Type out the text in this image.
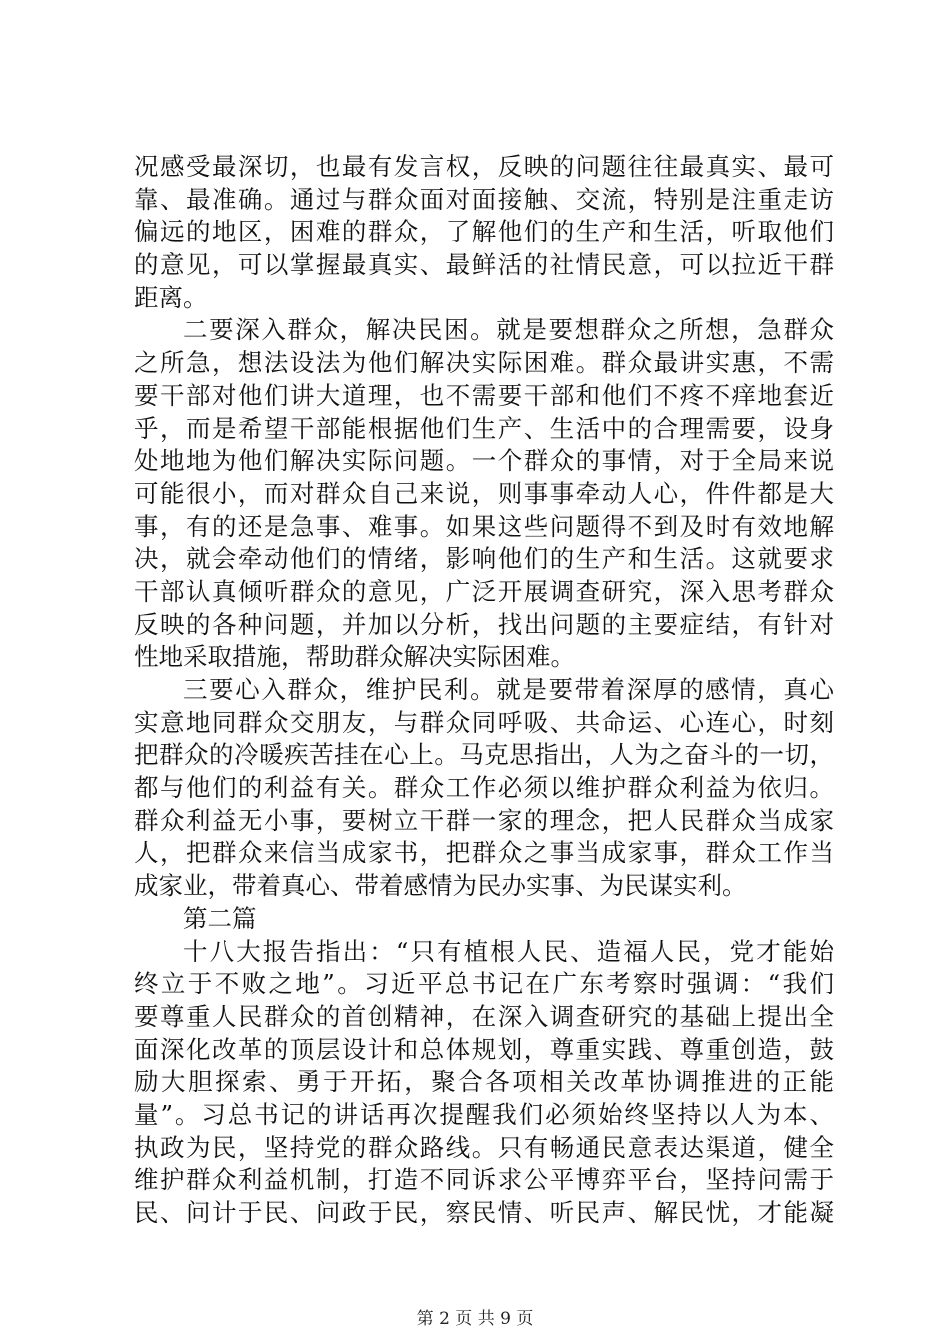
况感受最深切，也最有发言权，反映的问题往往最真实、最可
靠、最准确。通过与群众面对面接触、交流，特别是注重走访
偏远的地区，困难的群众，了解他们的生产和生活，听取他们
的意见，可以掌握最真实、最鲜活的社情民意，可以拉近干群
距离。
二要深入群众，解决民困。就是要想群众之所想，急群众
之所急，想法设法为他们解决实际困难。群众最讲实惠，不需
要干部对他们讲大道理，也不需要干部和他们不疼不痒地套近
乎，而是希望干部能根据他们生产、生活中的合理需要，设身
处地地为他们解决实际问题。一个群众的事情，对于全局来说
可能很小，而对群众自己来说，则事事牵动人心，件件都是大
事，有的还是急事、难事。如果这些问题得不到及时有效地解
决，就会牵动他们的情绪，影响他们的生产和生活。这就要求
干部认真倾听群众的意见，广泛开展调查研究，深入思考群众
反映的各种问题，并加以分析，找出问题的主要症结，有针对
性地采取措施，帮助群众解决实际困难。
三要心入群众，维护民利。就是要带着深厚的感情，真心
实意地同群众交朋友，与群众同呼吸、共命运、心连心，时刻
把群众的冷暖疾苦挂在心上。马克思指出，人为之奋斗的一切，
都与他们的利益有关。群众工作必须以维护群众利益为依归。
群众利益无小事，要树立干群一家的理念，把人民群众当成家
人，把群众来信当成家书，把群众之事当成家事，群众工作当
成家业，带着真心、带着感情为民办实事、为民谋实利。
第二篇
十八大报告指出：“只有植根人民、造福人民，党才能始
终立于不败之地”。习近平总书记在广东考察时强调：“我们
要尊重人民群众的首创精神，在深入调查研究的基础上提出全
面深化改革的顶层设计和总体规划，尊重实践、尊重创造，鼓
励大胆探索、勇于开拓，聚合各项相关改革协调推进的正能
量”。习总书记的讲话再次提醒我们必须始终坚持以人为本、
执政为民，坚持党的群众路线。只有畅通民意表达渠道，健全
维护群众利益机制，打造不同诉求公平博弈平台，坚持问需于
民、问计于民、问政于民，察民情、听民声、解民忧，才能凝
第 2 页 共 9 页
